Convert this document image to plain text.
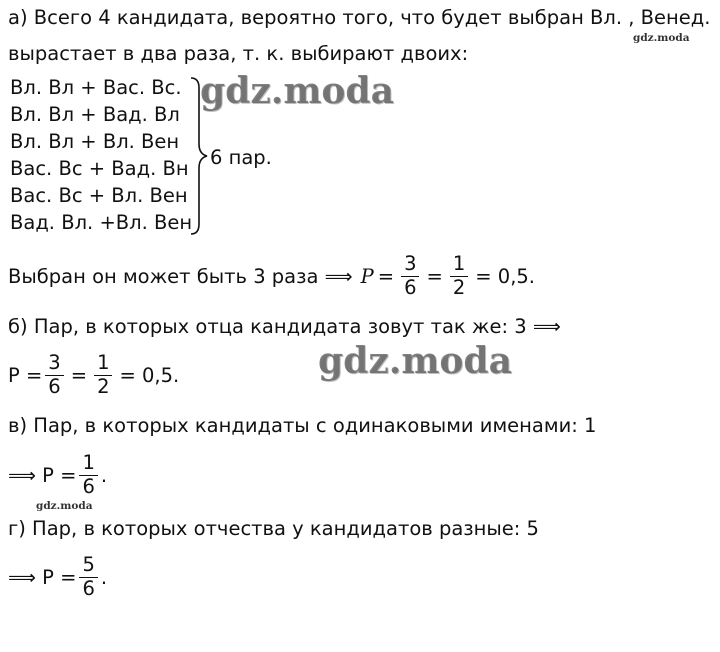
а) Всего 4 кандидата, вероятно того, что будет выбран Вл. , Венед.
gdz.moda
вырастает в два раза, т. к. выбирают двоих:
Вл. Вл + Вас. Вс.
Вл. Вл + Вад. Вл
Вл. Вл + Вл. Вен
Вас. Вс + Вад. Вн
Вас. Вс + Вл. Вен
Вад. Вл. +Вл. Вен
6 пар.
gdz.moda
Выбран он может быть 3 раза ⟹ $P = \frac{3}{6} = \frac{1}{2} = 0,5$.
б) Пар, в которых отца кандидата зовут так же: 3 ⟹
$P = \frac{3}{6} = \frac{1}{2} = 0,5$.	gdz.moda
в) Пар, в которых кандидаты с одинаковыми именами: 1
⟹ $P = \frac{1}{6}$ .
gdz.moda
г) Пар, в которых отчества у кандидатов разные: 5
⟹ $P = \frac{5}{6}$ .
